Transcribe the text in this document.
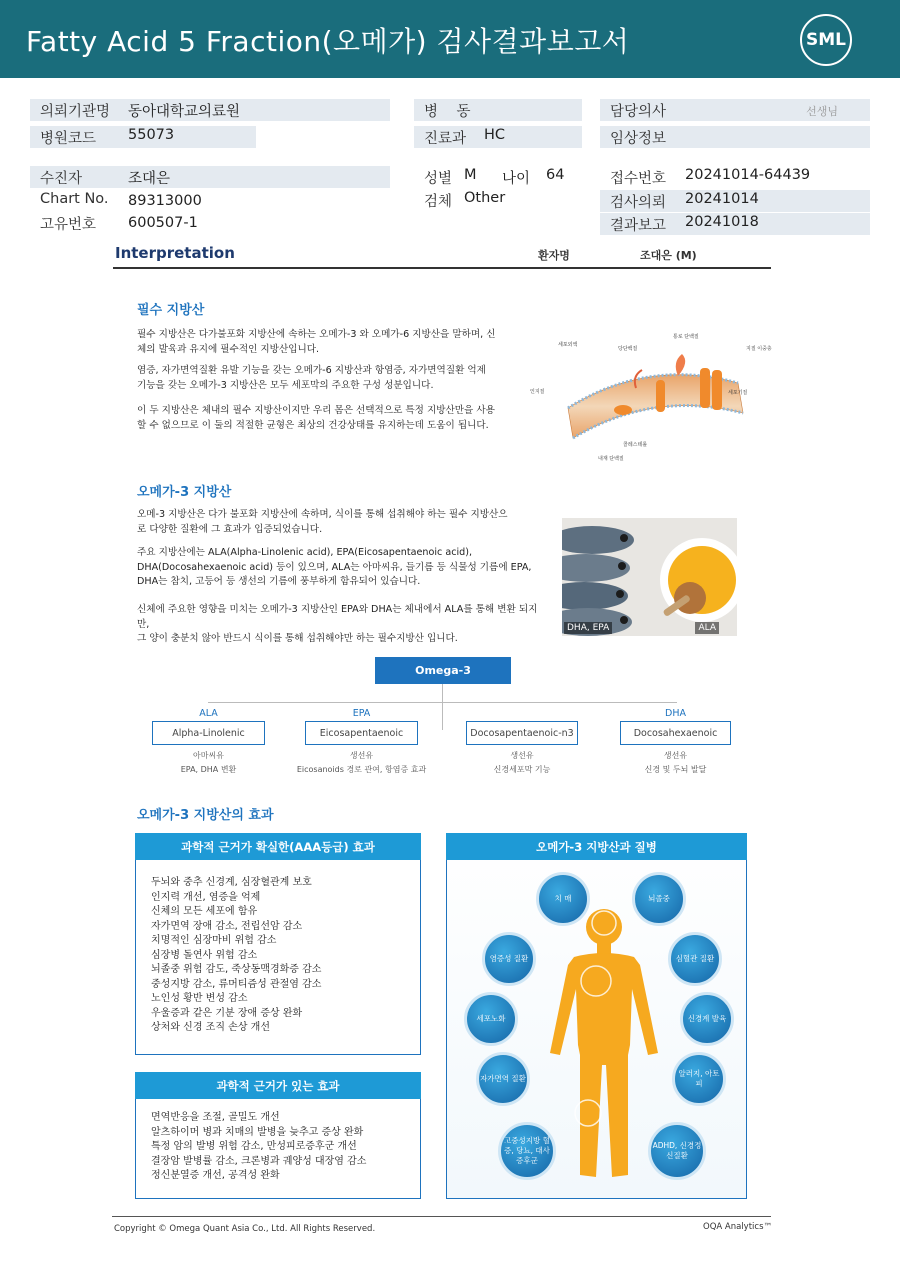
Fatty Acid 5 Fraction(오메가) 검사결과보고서	SML
의뢰기관명 동아대학교의료원
병원코드 55073
병    동
진료과 HC
담당의사	선생님
임상정보
수진자	조대은
Chart No. 89313000
고유번호 600507-1
성별 M 나이 64
검체 Other
접수번호 20241014-64439
검사의뢰 20241014
결과보고 20241018
Interpretation	환자명	조대은 (M)
필수 지방산
필수 지방산은 다가불포화 지방산에 속하는 오메가-3 와 오메가-6 지방산을 말하며, 신체의 발육과 유지에 필수적인 지방산입니다.
염증, 자가면역질환 유발 기능을 갖는 오메가-6 지방산과 항염증, 자가면역질환 억제 기능을 갖는 오메가-3 지방산은 모두 세포막의 주요한 구성 성분입니다.
이 두 지방산은 체내의 필수 지방산이지만 우리 몸은 선택적으로 특정 지방산만을 사용할 수 없으므로 이 둘의 적절한 균형은 최상의 건강상태를 유지하는데 도움이 됩니다.
세포외액
당단백질
통로 단백질
지질 이중층
인지질	세포기질
콜레스테롤
내재 단백질
오메가-3 지방산
오메-3 지방산은 다가 불포화 지방산에 속하며, 식이를 통해 섭취해야 하는 필수 지방산으로 다양한 질환에 그 효과가 입증되었습니다.
주요 지방산에는 ALA(Alpha-Linolenic acid), EPA(Eicosapentaenoic acid), DHA(Docosahexaenoic acid) 등이 있으며, ALA는 아마씨유, 들기름 등 식물성 기름에 EPA, DHA는 참치, 고등어 등 생선의 기름에 풍부하게 함유되어 있습니다.
신체에 주요한 영향을 미치는 오메가-3 지방산인 EPA와 DHA는 체내에서 ALA를 통해 변환 되지만,
그 양이 충분치 않아 반드시 식이를 통해 섭취해야만 하는 필수지방산 입니다.
DHA, EPA	ALA
Omega-3
ALA
Alpha-Linolenic
아마씨유
EPA, DHA 변환
EPA
Eicosapentaenoic
생선유
Eicosanoids 경로 관여, 항염증 효과
Docosapentaenoic-n3
생선유
신경세포막 기능
DHA
Docosahexaenoic
생선유
신경 및 두뇌 발달
오메가-3 지방산의 효과
과학적 근거가 확실한(AAA등급) 효과
두뇌와 중추 신경계, 심장혈관계 보호
인지력 개선, 염증을 억제
신체의 모든 세포에 함유
자가면역 장애 감소, 전립선암 감소
치명적인 심장마비 위험 감소
심장병 돌연사 위험 감소
뇌졸중 위험 감도, 죽상동맥경화증 감소
중성지방 감소, 류머티즘성 관절염 감소
노인성 황반 변성 감소
우울증과 같은 기분 장애 증상 완화
상처와 신경 조직 손상 개선
과학적 근거가 있는 효과
면역반응을 조절, 골밀도 개선
알츠하이머 병과 치매의 발병을 늦추고 증상 완화
특정 암의 발병 위험 감소, 만성피로증후군 개선
결장암 발병률 감소, 크론병과 궤양성 대장염 감소
정신분열증 개선, 공격성 완화
오메가-3 지방산과 질병
치 매	뇌졸중
염증성 질환	심혈관 질환
세포노화	신경계 발육
자가면역 질환
알러지, 아토피
고중성지방 혈증, 당뇨, 대사증후군
ADHD, 신경정신질환
Copyright © Omega Quant Asia Co., Ltd. All Rights Reserved.	OQA Analytics™
